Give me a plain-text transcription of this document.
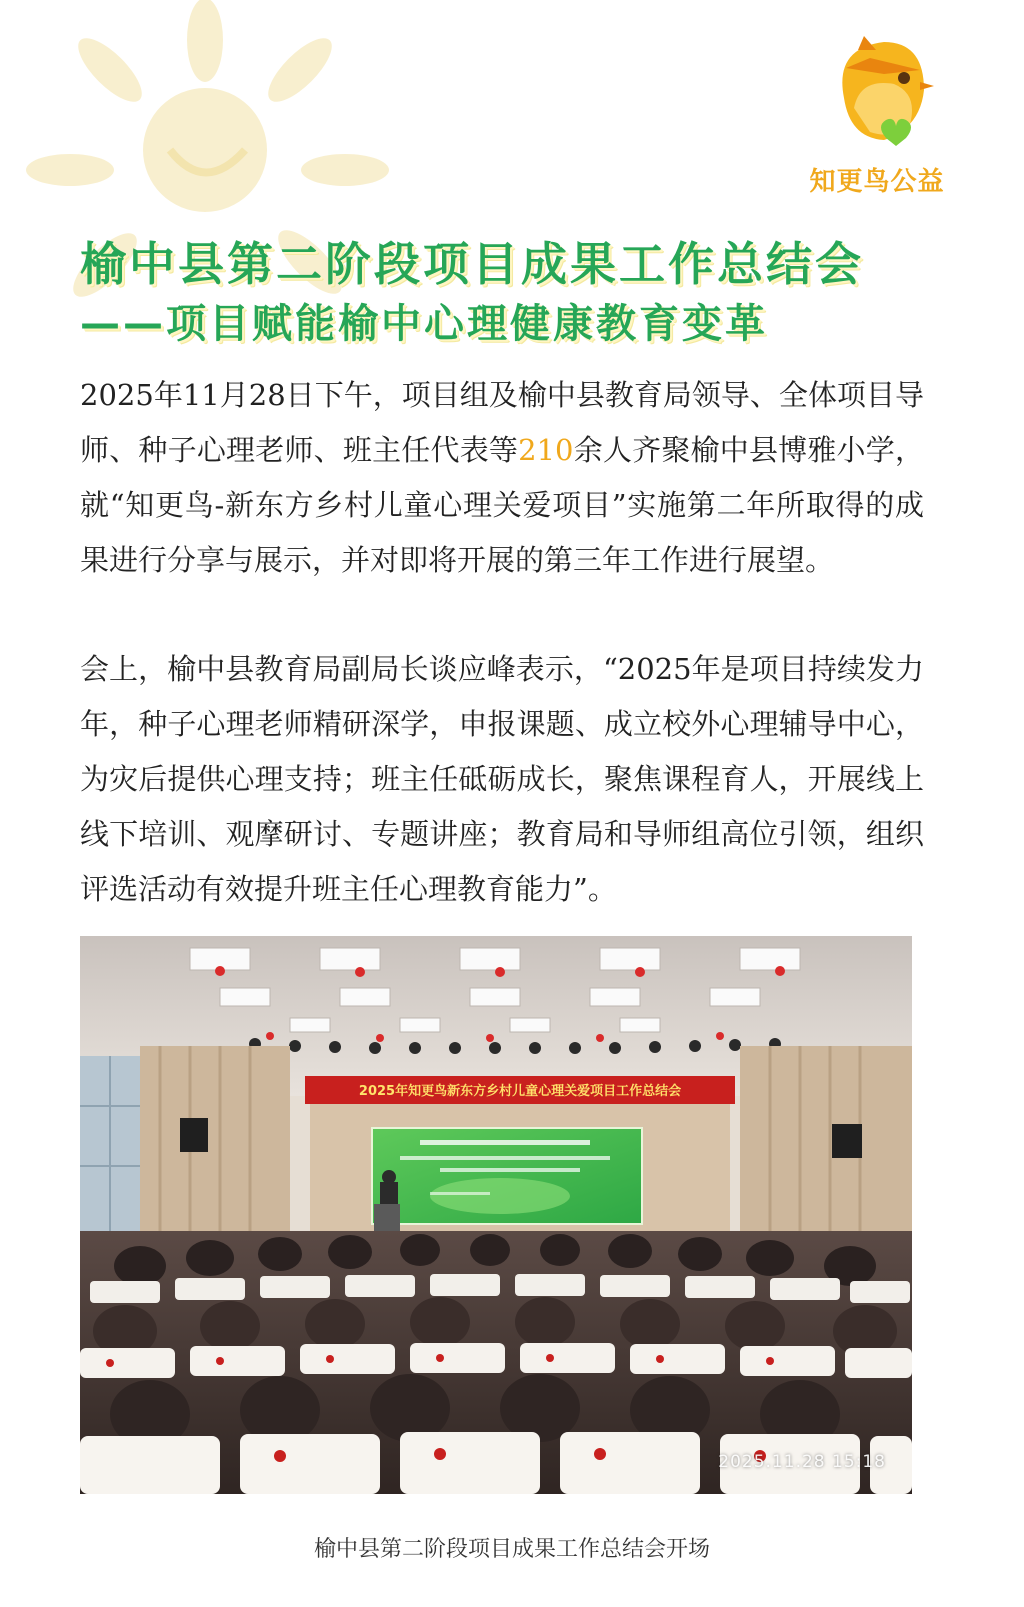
知更鸟公益
榆中县第二阶段项目成果工作总结会
——项目赋能榆中心理健康教育变革

2025年11月28日下午，项目组及榆中县教育局领导、全体项目导师、种子心理老师、班主任代表等210余人齐聚榆中县博雅小学，就“知更鸟-新东方乡村儿童心理关爱项目”实施第二年所取得的成果进行分享与展示，并对即将开展的第三年工作进行展望。

会上，榆中县教育局副局长谈应峰表示，“2025年是项目持续发力年，种子心理老师精研深学，申报课题、成立校外心理辅导中心，为灾后提供心理支持；班主任砥砺成长，聚焦课程育人，开展线上线下培训、观摩研讨、专题讲座；教育局和导师组高位引领，组织评选活动有效提升班主任心理教育能力”。

2025年知更鸟新东方乡村儿童心理关爱项目工作总结会
2025.11.28 15:18
榆中县第二阶段项目成果工作总结会开场
